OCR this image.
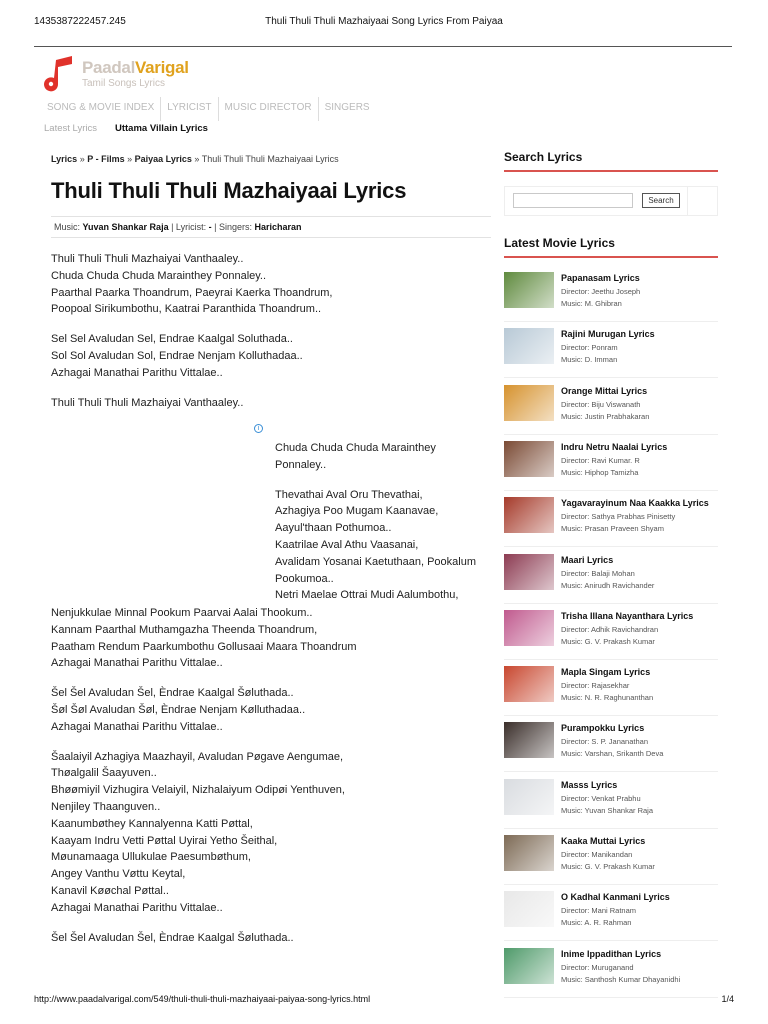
1435387222457.245	Thuli Thuli Thuli Mazhaiyaai Song Lyrics From Paiyaa
PaadalVarigal
Tamil Songs Lyrics
SONG & MOVIE INDEX	LYRICIST	MUSIC DIRECTOR	SINGERS
Latest Lyrics Uttama Villain Lyrics
Lyrics » P - Films » Paiyaa Lyrics » Thuli Thuli Thuli Mazhaiyaai Lyrics
Thuli Thuli Thuli Mazhaiyaai Lyrics
Music: Yuvan Shankar Raja | Lyricist: - | Singers: Haricharan
Thuli Thuli Thuli Mazhaiyai Vanthaaley..
Chuda Chuda Chuda Marainthey Ponnaley..
Paarthal Paarka Thoandrum, Paeyrai Kaerka Thoandrum,
Poopoal Sirikumbothu, Kaatrai Paranthida Thoandrum..
Sel Sel Avaludan Sel, Endrae Kaalgal Soluthada..
Sol Sol Avaludan Sol, Endrae Nenjam Kolluthadaa..
Azhagai Manathai Parithu Vittalae..
Thuli Thuli Thuli Mazhaiyai Vanthaaley..
i
Chuda Chuda Chuda Marainthey
Ponnaley..
Thevathai Aval Oru Thevathai,
Azhagiya Poo Mugam Kaanavae,
Aayul'thaan Pothumoa..
Kaatrilae Aval Athu Vaasanai,
Avalidam Yosanai Kaetuthaan, Pookalum
Pookumoa..
Netri Maelae Ottrai Mudi Aalumbothu,
Nenjukkulae Minnal Pookum Paarvai Aalai Thookum..
Kannam Paarthal Muthamgazha Theenda Thoandrum,
Paatham Rendum Paarkumbothu Gollusaai Maara Thoandrum
Azhagai Manathai Parithu Vittalae..
Šel Šel Avaludan Šel, Èndrae Kaalgal Šøluthada..
Šøl Šøl Avaludan Šøl, Èndrae Nenjam Kølluthadaa..
Azhagai Manathai Parithu Vittalae..
Šaalaiyil Azhagiya Maazhayil, Avaludan Pøgave Aengumae,
Thøalgalil Šaayuven..
Bhøømiyil Vizhugira Velaiyil, Nizhalaiyum Odipøi Yenthuven,
Nenjiley Thaanguven..
Kaanumbøthey Kannalyenna Katti Pøttal,
Kaayam Indru Vetti Pøttal Uyirai Yetho Šeithal,
Møunamaaga Ullukulae Paesumbøthum,
Angey Vanthu Vøttu Keytal,
Kanavil Køøchal Pøttal..
Azhagai Manathai Parithu Vittalae..
Šel Šel Avaludan Šel, Èndrae Kaalgal Šøluthada..
Search Lyrics
Search
Latest Movie Lyrics
Papanasam Lyrics
Director: Jeethu Joseph
Music: M. Ghibran
Rajini Murugan Lyrics
Director: Ponram
Music: D. Imman
Orange Mittai Lyrics
Director: Biju Viswanath
Music: Justin Prabhakaran
Indru Netru Naalai Lyrics
Director: Ravi Kumar. R
Music: Hiphop Tamizha
Yagavarayinum Naa Kaakka Lyrics
Director: Sathya Prabhas Pinisetty
Music: Prasan Praveen Shyam
Maari Lyrics
Director: Balaji Mohan
Music: Anirudh Ravichander
Trisha Illana Nayanthara Lyrics
Director: Adhik Ravichandran
Music: G. V. Prakash Kumar
Mapla Singam Lyrics
Director: Rajasekhar
Music: N. R. Raghunanthan
Purampokku Lyrics
Director: S. P. Jananathan
Music: Varshan, Srikanth Deva
Masss Lyrics
Director: Venkat Prabhu
Music: Yuvan Shankar Raja
Kaaka Muttai Lyrics
Director: Manikandan
Music: G. V. Prakash Kumar
O Kadhal Kanmani Lyrics
Director: Mani Ratnam
Music: A. R. Rahman
Inime Ippadithan Lyrics
Director: Muruganand
Music: Santhosh Kumar Dhayanidhi
http://www.paadalvarigal.com/549/thuli-thuli-thuli-mazhaiyaai-paiyaa-song-lyrics.html	1/4
